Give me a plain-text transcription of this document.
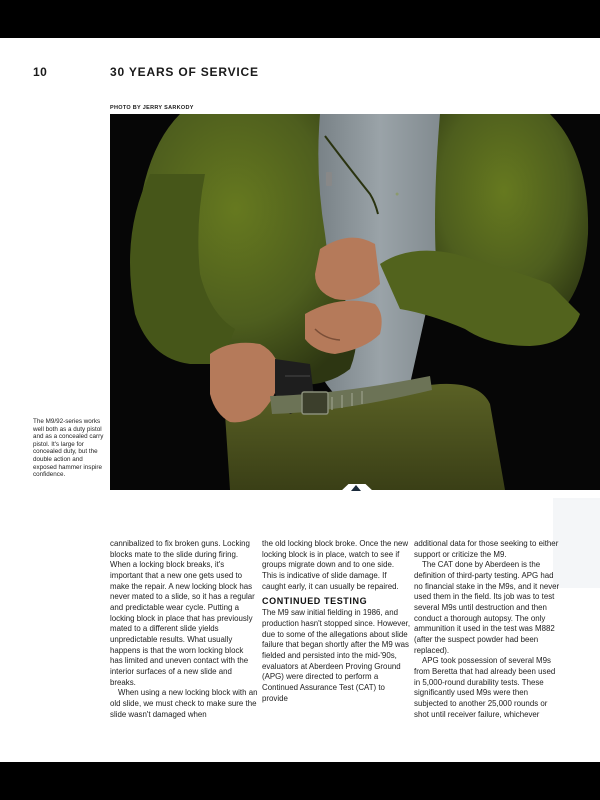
10	30 YEARS OF SERVICE
PHOTO BY JERRY SARKODY
●
The M9/92-series works well both as a duty pistol and as a concealed carry pistol. It's large for concealed duty, but the double action and exposed hammer inspire confidence.

cannibalized to fix broken guns. Locking blocks mate to the slide during firing. When a locking block breaks, it's important that a new one gets used to make the repair. A new locking block has never mated to a slide, so it has a regular and predictable wear cycle. Putting a locking block in place that has previously mated to a different slide yields unpredictable results. What usually happens is that the worn locking block has limited and uneven contact with the interior surfaces of a new slide and breaks.

When using a new locking block with an old slide, we must check to make sure the slide wasn't damaged when

the old locking block broke. Once the new locking block is in place, watch to see if groups migrate down and to one side. This is indicative of slide damage. If caught early, it can usually be repaired.

CONTINUED TESTING

The M9 saw initial fielding in 1986, and production hasn't stopped since. However, due to some of the allegations about slide failure that began shortly after the M9 was fielded and persisted into the mid-'90s, evaluators at Aberdeen Proving Ground (APG) were directed to perform a Continued Assurance Test (CAT) to provide

additional data for those seeking to either support or criticize the M9.

The CAT done by Aberdeen is the definition of third-party testing. APG had no financial stake in the M9s, and it never used them in the field. Its job was to test several M9s until destruction and then conduct a thorough autopsy. The only ammunition it used in the test was M882 (after the suspect powder had been replaced).

APG took possession of several M9s from Beretta that had already been used in 5,000-round durability tests. These significantly used M9s were then subjected to another 25,000 rounds or shot until receiver failure, whichever
